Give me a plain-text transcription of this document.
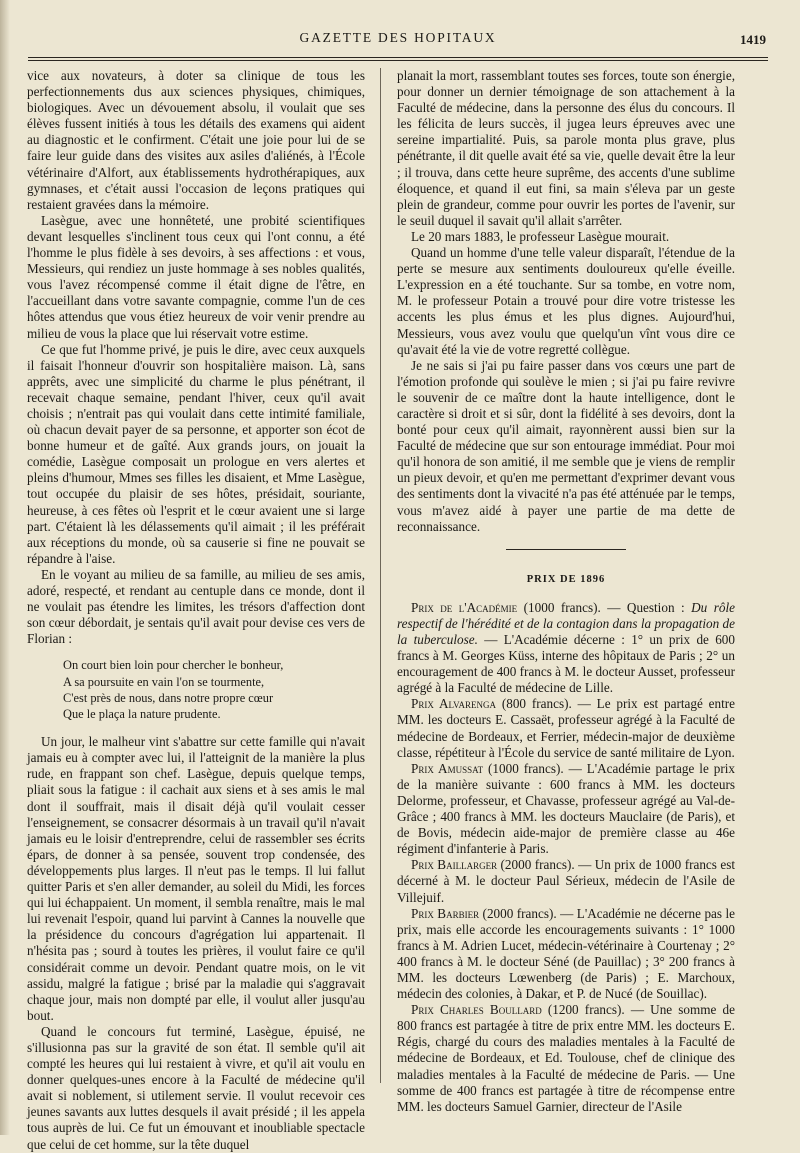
GAZETTE DES HOPITAUX	1419

vice aux novateurs, à doter sa clinique de tous les perfectionnements dus aux sciences physiques, chimiques, biologiques. Avec un dévouement absolu, il voulait que ses élèves fussent initiés à tous les détails des examens qui aident au diagnostic et le confirment. C'était une joie pour lui de se faire leur guide dans des visites aux asiles d'aliénés, à l'École vétérinaire d'Alfort, aux établissements hydrothérapiques, aux gymnases, et c'était aussi l'occasion de leçons pratiques qui restaient gravées dans la mémoire.

Lasègue, avec une honnêteté, une probité scientifiques devant lesquelles s'inclinent tous ceux qui l'ont connu, a été l'homme le plus fidèle à ses devoirs, à ses affections : et vous, Messieurs, qui rendiez un juste hommage à ses nobles qualités, vous l'avez récompensé comme il était digne de l'être, en l'accueillant dans votre savante compagnie, comme l'un de ces hôtes attendus que vous étiez heureux de voir venir prendre au milieu de vous la place que lui réservait votre estime.

Ce que fut l'homme privé, je puis le dire, avec ceux auxquels il faisait l'honneur d'ouvrir son hospitalière maison. Là, sans apprêts, avec une simplicité du charme le plus pénétrant, il recevait chaque semaine, pendant l'hiver, ceux qu'il avait choisis ; n'entrait pas qui voulait dans cette intimité familiale, où chacun devait payer de sa personne, et apporter son écot de bonne humeur et de gaîté. Aux grands jours, on jouait la comédie, Lasègue composait un prologue en vers alertes et pleins d'humour, Mmes ses filles les disaient, et Mme Lasègue, tout occupée du plaisir de ses hôtes, présidait, souriante, heureuse, à ces fêtes où l'esprit et le cœur avaient une si large part. C'étaient là les délassements qu'il aimait ; il les préférait aux réceptions du monde, où sa causerie si fine ne pouvait se répandre à l'aise.

En le voyant au milieu de sa famille, au milieu de ses amis, adoré, respecté, et rendant au centuple dans ce monde, dont il ne voulait pas étendre les limites, les trésors d'affection dont son cœur débordait, je sentais qu'il avait pour devise ces vers de Florian :

On court bien loin pour chercher le bonheur,
A sa poursuite en vain l'on se tourmente,
C'est près de nous, dans notre propre cœur
Que le plaça la nature prudente.

Un jour, le malheur vint s'abattre sur cette famille qui n'avait jamais eu à compter avec lui, il l'atteignit de la manière la plus rude, en frappant son chef. Lasègue, depuis quelque temps, pliait sous la fatigue : il cachait aux siens et à ses amis le mal dont il souffrait, mais il disait déjà qu'il voulait cesser l'enseignement, se consacrer désormais à un travail qu'il n'avait jamais eu le loisir d'entreprendre, celui de rassembler ses écrits épars, de donner à sa pensée, souvent trop condensée, des développements plus larges. Il n'eut pas le temps. Il lui fallut quitter Paris et s'en aller demander, au soleil du Midi, les forces qui lui échappaient. Un moment, il sembla renaître, mais le mal lui revenait l'espoir, quand lui parvint à Cannes la nouvelle que la présidence du concours d'agrégation lui appartenait. Il n'hésita pas ; sourd à toutes les prières, il voulut faire ce qu'il considérait comme un devoir. Pendant quatre mois, on le vit assidu, malgré la fatigue ; brisé par la maladie qui s'aggravait chaque jour, mais non dompté par elle, il voulut aller jusqu'au bout.

Quand le concours fut terminé, Lasègue, épuisé, ne s'illusionna pas sur la gravité de son état. Il semble qu'il ait compté les heures qui lui restaient à vivre, et qu'il ait voulu en donner quelques-unes encore à la Faculté de médecine qu'il avait si noblement, si utilement servie. Il voulut recevoir ces jeunes savants aux luttes desquels il avait présidé ; il les appela tous auprès de lui. Ce fut un émouvant et inoubliable spectacle que celui de cet homme, sur la tête duquel

planait la mort, rassemblant toutes ses forces, toute son énergie, pour donner un dernier témoignage de son attachement à la Faculté de médecine, dans la personne des élus du concours. Il les félicita de leurs succès, il jugea leurs épreuves avec une sereine impartialité. Puis, sa parole monta plus grave, plus pénétrante, il dit quelle avait été sa vie, quelle devait être la leur ; il trouva, dans cette heure suprême, des accents d'une sublime éloquence, et quand il eut fini, sa main s'éleva par un geste plein de grandeur, comme pour ouvrir les portes de l'avenir, sur le seuil duquel il savait qu'il allait s'arrêter.

Le 20 mars 1883, le professeur Lasègue mourait.

Quand un homme d'une telle valeur disparaît, l'étendue de la perte se mesure aux sentiments douloureux qu'elle éveille. L'expression en a été touchante. Sur sa tombe, en votre nom, M. le professeur Potain a trouvé pour dire votre tristesse les accents les plus émus et les plus dignes. Aujourd'hui, Messieurs, vous avez voulu que quelqu'un vînt vous dire ce qu'avait été la vie de votre regretté collègue.

Je ne sais si j'ai pu faire passer dans vos cœurs une part de l'émotion profonde qui soulève le mien ; si j'ai pu faire revivre le souvenir de ce maître dont la haute intelligence, dont le caractère si droit et si sûr, dont la fidélité à ses devoirs, dont la bonté pour ceux qu'il aimait, rayonnèrent aussi bien sur la Faculté de médecine que sur son entourage immédiat. Pour moi qu'il honora de son amitié, il me semble que je viens de remplir un pieux devoir, et qu'en me permettant d'exprimer devant vous des sentiments dont la vivacité n'a pas été atténuée par le temps, vous m'avez aidé à payer une partie de ma dette de reconnaissance.

PRIX DE 1896

Prix de l'Académie (1000 francs). — Question : Du rôle respectif de l'hérédité et de la contagion dans la propagation de la tuberculose. — L'Académie décerne : 1° un prix de 600 francs à M. Georges Küss, interne des hôpitaux de Paris ; 2° un encouragement de 400 francs à M. le docteur Ausset, professeur agrégé à la Faculté de médecine de Lille.

Prix Alvarenga (800 francs). — Le prix est partagé entre MM. les docteurs E. Cassaët, professeur agrégé à la Faculté de médecine de Bordeaux, et Ferrier, médecin-major de deuxième classe, répétiteur à l'École du service de santé militaire de Lyon.

Prix Amussat (1000 francs). — L'Académie partage le prix de la manière suivante : 600 francs à MM. les docteurs Delorme, professeur, et Chavasse, professeur agrégé au Val-de-Grâce ; 400 francs à MM. les docteurs Mauclaire (de Paris), et de Bovis, médecin aide-major de première classe au 46e régiment d'infanterie à Paris.

Prix Baillarger (2000 francs). — Un prix de 1000 francs est décerné à M. le docteur Paul Sérieux, médecin de l'Asile de Villejuif.

Prix Barbier (2000 francs). — L'Académie ne décerne pas le prix, mais elle accorde les encouragements suivants : 1° 1000 francs à M. Adrien Lucet, médecin-vétérinaire à Courtenay ; 2° 400 francs à M. le docteur Séné (de Pauillac) ; 3° 200 francs à MM. les docteurs Lœwenberg (de Paris) ; E. Marchoux, médecin des colonies, à Dakar, et P. de Nucé (de Souillac).

Prix Charles Boullard (1200 francs). — Une somme de 800 francs est partagée à titre de prix entre MM. les docteurs E. Régis, chargé du cours des maladies mentales à la Faculté de médecine de Bordeaux, et Ed. Toulouse, chef de clinique des maladies mentales à la Faculté de médecine de Paris. — Une somme de 400 francs est partagée à titre de récompense entre MM. les docteurs Samuel Garnier, directeur de l'Asile
